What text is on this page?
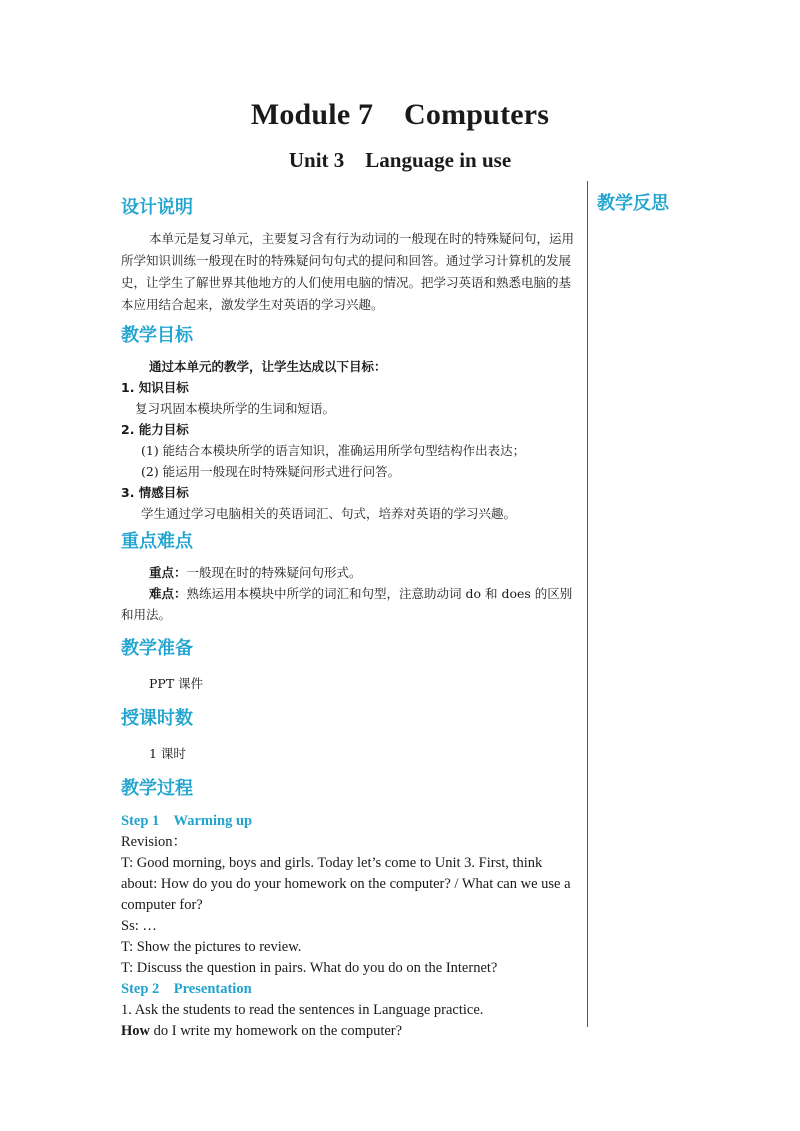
Module 7    Computers
Unit 3    Language in use
教学反思
设计说明

本单元是复习单元，主要复习含有行为动词的一般现在时的特殊疑问句，运用所学知识训练一般现在时的特殊疑问句句式的提问和回答。通过学习计算机的发展史，让学生了解世界其他地方的人们使用电脑的情况。把学习英语和熟悉电脑的基本应用结合起来，激发学生对英语的学习兴趣。

教学目标

通过本单元的教学，让学生达成以下目标：

1. 知识目标

复习巩固本模块所学的生词和短语。

2. 能力目标

(1) 能结合本模块所学的语言知识，准确运用所学句型结构作出表达；

(2) 能运用一般现在时特殊疑问形式进行问答。

3. 情感目标

学生通过学习电脑相关的英语词汇、句式，培养对英语的学习兴趣。

重点难点

重点：一般现在时的特殊疑问句形式。

难点：熟练运用本模块中所学的词汇和句型，注意助动词 do 和 does 的区别和用法。

教学准备

PPT 课件

授课时数

1 课时

教学过程

Step 1    Warming up

Revision：

T: Good morning, boys and girls. Today let’s come to Unit 3. First, think about: How do you do your homework on the computer? / What can we use a computer for?

Ss: …

T: Show the pictures to review.

T: Discuss the question in pairs. What do you do on the Internet?

Step 2    Presentation

1. Ask the students to read the sentences in Language practice.

How do I write my homework on the computer?
